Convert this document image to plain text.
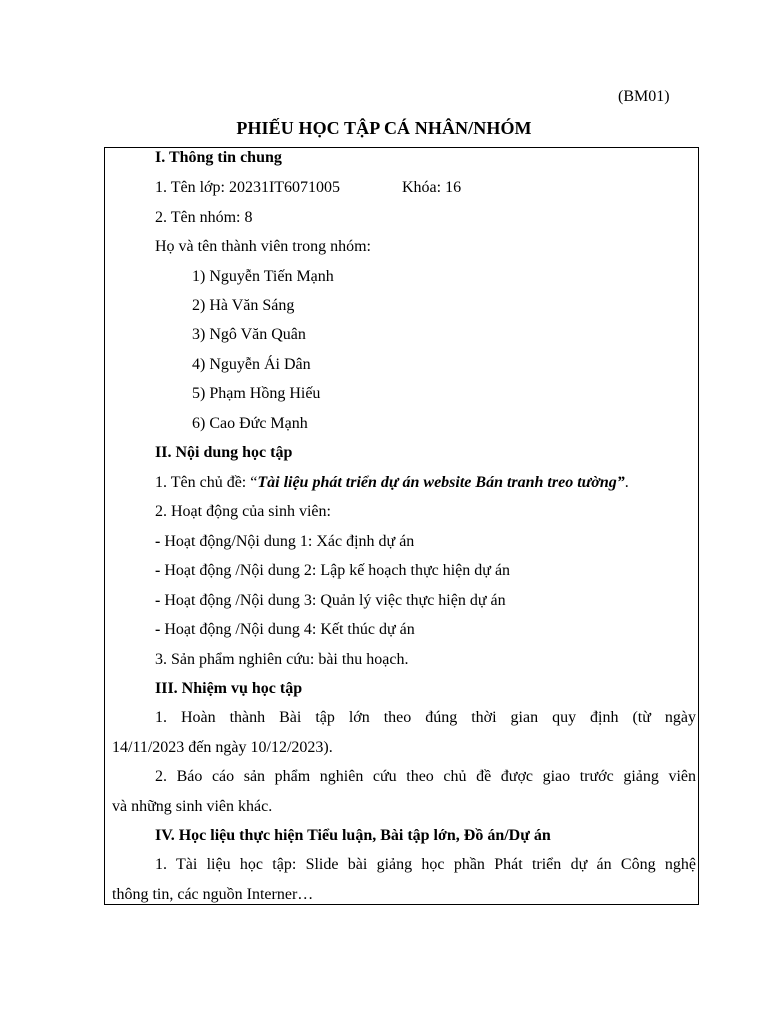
(BM01)
PHIẾU HỌC TẬP CÁ NHÂN/NHÓM
I. Thông tin chung
1. Tên lớp: 20231IT6071005	Khóa: 16
2. Tên nhóm: 8
Họ và tên thành viên trong nhóm:
1) Nguyễn Tiến Mạnh
2) Hà Văn Sáng
3) Ngô Văn Quân
4) Nguyễn Ái Dân
5) Phạm Hồng Hiếu
6) Cao Đức Mạnh
II. Nội dung học tập
1. Tên chủ đề: “Tài liệu phát triển dự án website Bán tranh treo tường”.
2. Hoạt động của sinh viên:
- Hoạt động/Nội dung 1: Xác định dự án
- Hoạt động /Nội dung 2: Lập kế hoạch thực hiện dự án
- Hoạt động /Nội dung 3: Quản lý việc thực hiện dự án
- Hoạt động /Nội dung 4: Kết thúc dự án
3. Sản phẩm nghiên cứu: bài thu hoạch.
III. Nhiệm vụ học tập
1. Hoàn thành Bài tập lớn theo đúng thời gian quy định (từ ngày
14/11/2023 đến ngày 10/12/2023).
2. Báo cáo sản phẩm nghiên cứu theo chủ đề được giao trước giảng viên
và những sinh viên khác.
IV. Học liệu thực hiện Tiểu luận, Bài tập lớn, Đồ án/Dự án
1. Tài liệu học tập: Slide bài giảng học phần Phát triển dự án Công nghệ
thông tin, các nguồn Interner…
